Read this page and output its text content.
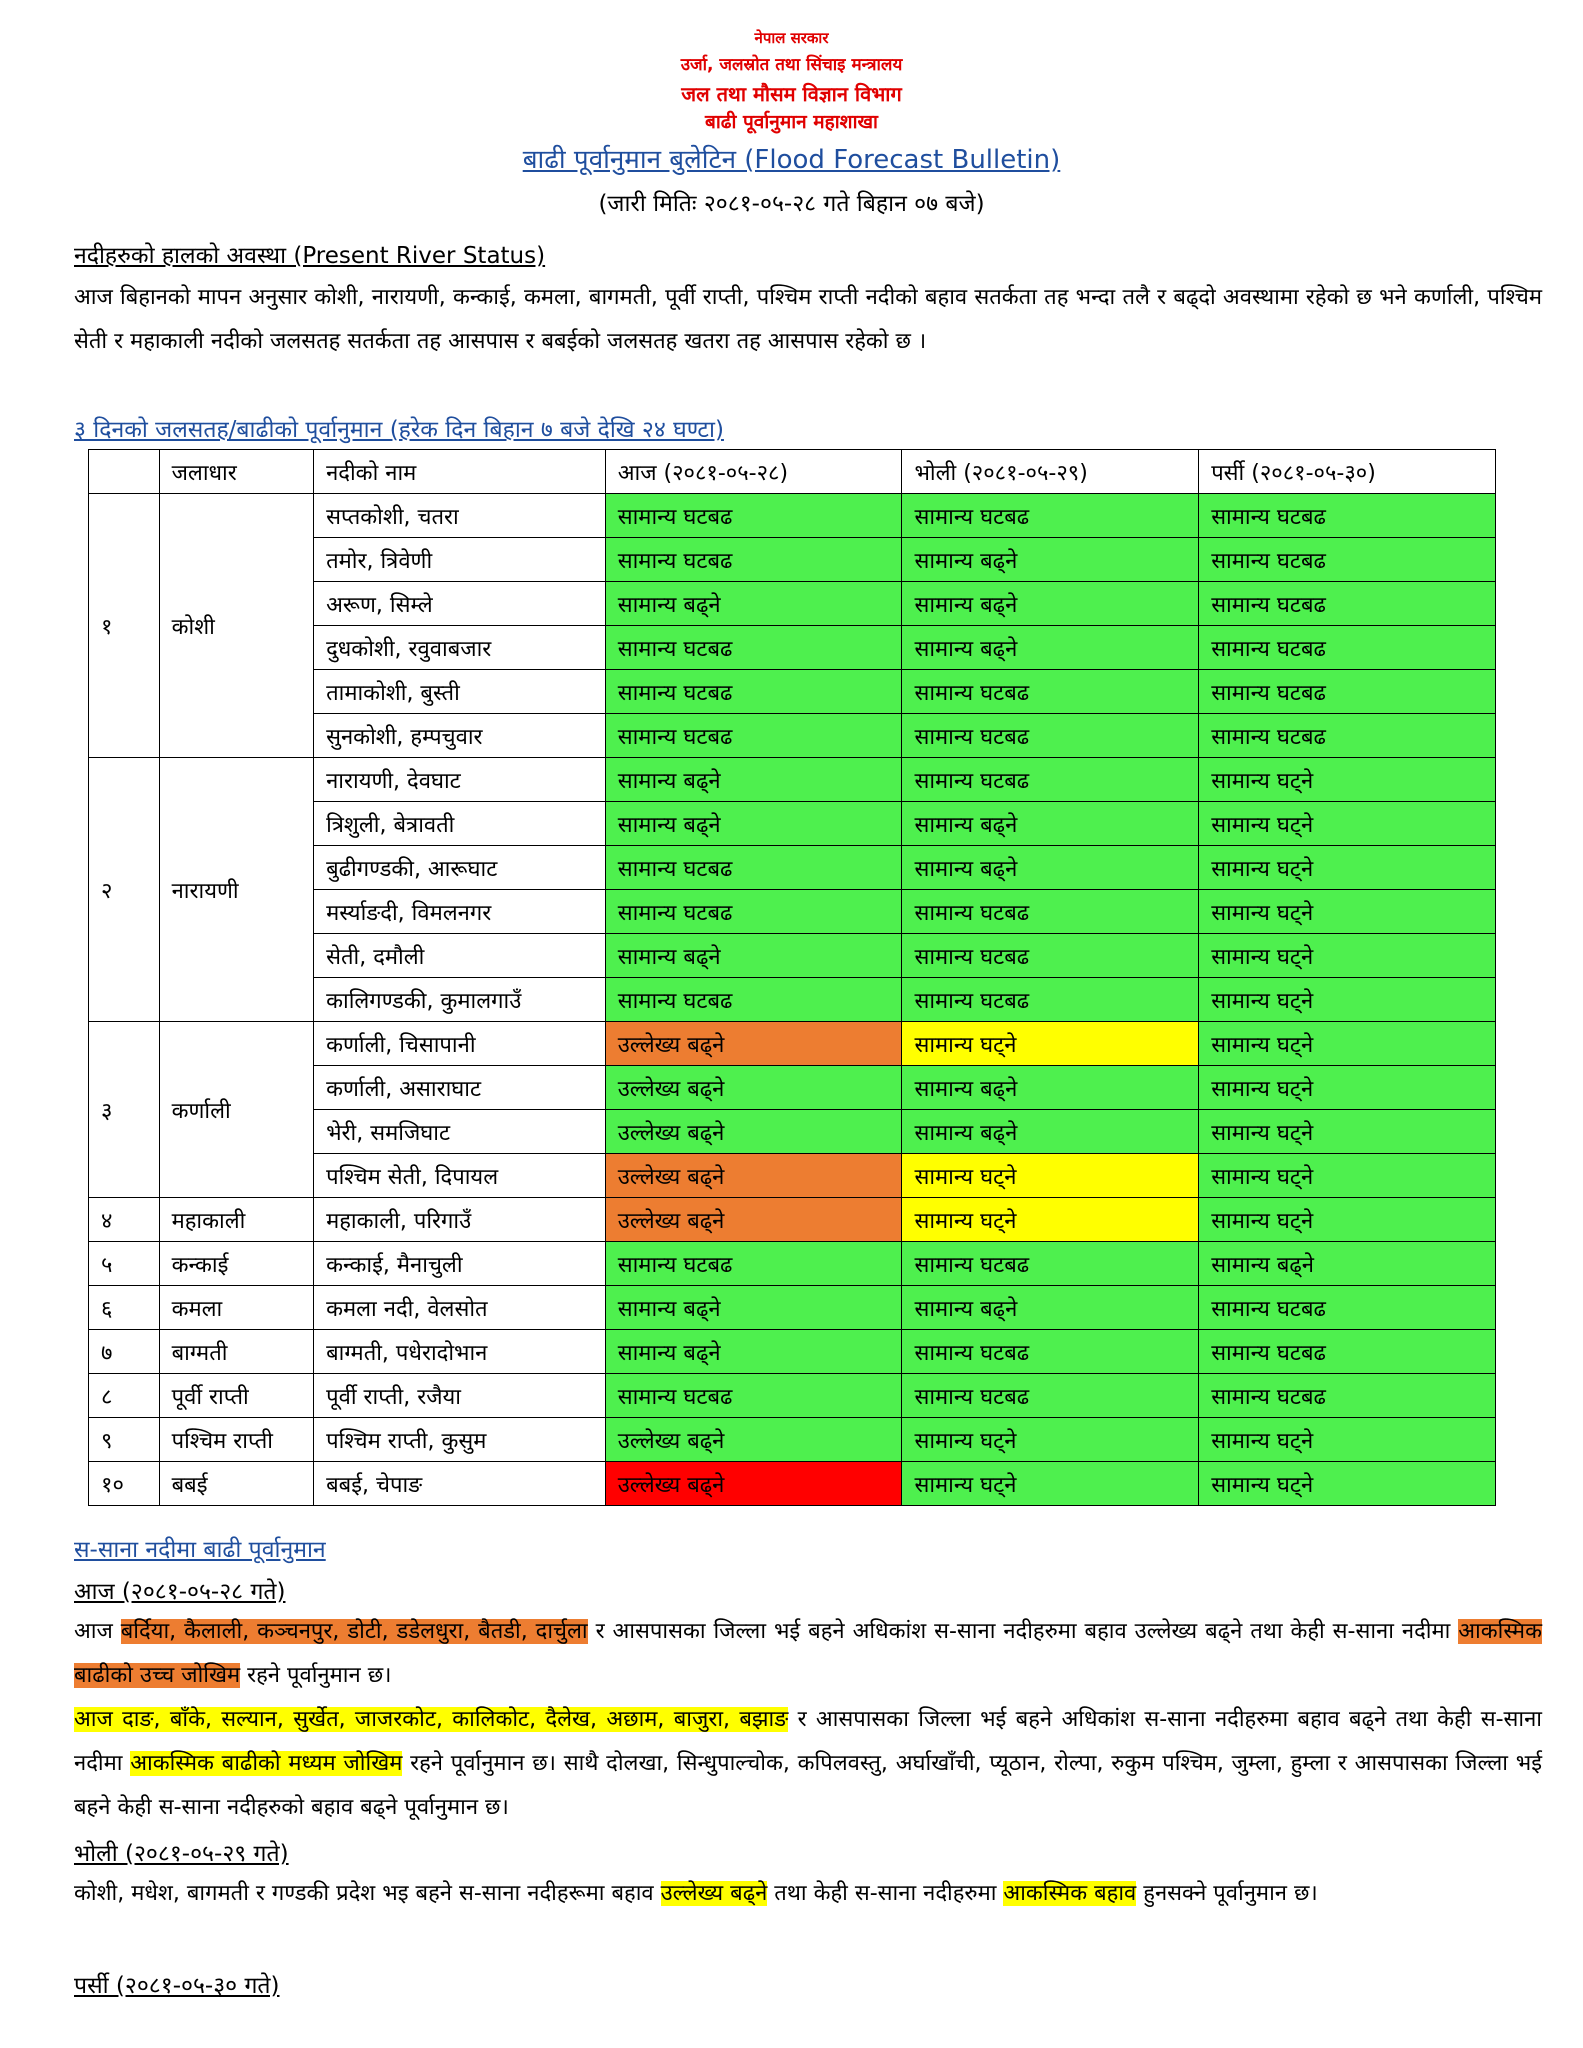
नेपाल सरकार
उर्जा, जलस्रोत तथा सिंचाइ मन्त्रालय
जल तथा मौसम विज्ञान विभाग
बाढी पूर्वानुमान महाशाखा
बाढी पूर्वानुमान बुलेटिन (Flood Forecast Bulletin)
(जारी मितिः २०८१-०५-२८ गते बिहान ०७ बजे)
नदीहरुको हालको अवस्था (Present River Status)
आज बिहानको मापन अनुसार कोशी, नारायणी, कन्काई, कमला, बागमती, पूर्वी राप्ती, पश्चिम राप्ती नदीको बहाव सतर्कता तह भन्दा तलै र बढ्दो अवस्थामा रहेको छ भने कर्णाली, पश्चिम सेती र महाकाली नदीको जलसतह सतर्कता तह आसपास र बबईको जलसतह खतरा तह आसपास रहेको छ ।
३ दिनको जलसतह/बाढीको पूर्वानुमान (हरेक दिन बिहान ७ बजे देखि २४ घण्टा)
	जलाधार	नदीको नाम	आज (२०८१-०५-२८)	भोली (२०८१-०५-२९)	पर्सी (२०८१-०५-३०)
१	कोशी	सप्तकोशी, चतरा	सामान्य घटबढ	सामान्य घटबढ	सामान्य घटबढ
		तमोर, त्रिवेणी	सामान्य घटबढ	सामान्य बढ्ने	सामान्य घटबढ
		अरूण, सिम्ले	सामान्य बढ्ने	सामान्य बढ्ने	सामान्य घटबढ
		दुधकोशी, रवुवाबजार	सामान्य घटबढ	सामान्य बढ्ने	सामान्य घटबढ
		तामाकोशी, बुस्ती	सामान्य घटबढ	सामान्य घटबढ	सामान्य घटबढ
		सुनकोशी, हम्पचुवार	सामान्य घटबढ	सामान्य घटबढ	सामान्य घटबढ
२	नारायणी	नारायणी, देवघाट	सामान्य बढ्ने	सामान्य घटबढ	सामान्य घट्ने
		त्रिशुली, बेत्रावती	सामान्य बढ्ने	सामान्य बढ्ने	सामान्य घट्ने
		बुढीगण्डकी, आरूघाट	सामान्य घटबढ	सामान्य बढ्ने	सामान्य घट्ने
		मर्स्याङदी, विमलनगर	सामान्य घटबढ	सामान्य घटबढ	सामान्य घट्ने
		सेती, दमौली	सामान्य बढ्ने	सामान्य घटबढ	सामान्य घट्ने
		कालिगण्डकी, कुमालगाउँ	सामान्य घटबढ	सामान्य घटबढ	सामान्य घट्ने
३	कर्णाली	कर्णाली, चिसापानी	उल्लेख्य बढ्ने	सामान्य घट्ने	सामान्य घट्ने
		कर्णाली, असाराघाट	उल्लेख्य बढ्ने	सामान्य बढ्ने	सामान्य घट्ने
		भेरी, समजिघाट	उल्लेख्य बढ्ने	सामान्य बढ्ने	सामान्य घट्ने
		पश्चिम सेती, दिपायल	उल्लेख्य बढ्ने	सामान्य घट्ने	सामान्य घट्ने
४	महाकाली	महाकाली, परिगाउँ	उल्लेख्य बढ्ने	सामान्य घट्ने	सामान्य घट्ने
५	कन्काई	कन्काई, मैनाचुली	सामान्य घटबढ	सामान्य घटबढ	सामान्य बढ्ने
६	कमला	कमला नदी, वेलसोत	सामान्य बढ्ने	सामान्य बढ्ने	सामान्य घटबढ
७	बाग्मती	बाग्मती, पधेरादोभान	सामान्य बढ्ने	सामान्य घटबढ	सामान्य घटबढ
८	पूर्वी राप्ती	पूर्वी राप्ती, रजैया	सामान्य घटबढ	सामान्य घटबढ	सामान्य घटबढ
९	पश्चिम राप्ती	पश्चिम राप्ती, कुसुम	उल्लेख्य बढ्ने	सामान्य घट्ने	सामान्य घट्ने
१०	बबई	बबई, चेपाङ	उल्लेख्य बढ्ने	सामान्य घट्ने	सामान्य घट्ने
स-साना नदीमा बाढी पूर्वानुमान
आज (२०८१-०५-२८ गते)
आज बर्दिया, कैलाली, कञ्चनपुर, डोटी, डडेलधुरा, बैतडी, दार्चुला र आसपासका जिल्ला भई बहने अधिकांश स-साना नदीहरुमा बहाव उल्लेख्य बढ्ने तथा केही स-साना नदीमा आकस्मिक बाढीको उच्च जोखिम रहने पूर्वानुमान छ।
आज दाङ, बाँके, सल्यान, सुर्खेत, जाजरकोट, कालिकोट, दैलेख, अछाम, बाजुरा, बझाङ र आसपासका जिल्ला भई बहने अधिकांश स-साना नदीहरुमा बहाव बढ्ने तथा केही स-साना नदीमा आकस्मिक बाढीको मध्यम जोखिम रहने पूर्वानुमान छ। साथै दोलखा, सिन्धुपाल्चोक, कपिलवस्तु, अर्घाखाँची, प्यूठान, रोल्पा, रुकुम पश्चिम, जुम्ला, हुम्ला र आसपासका जिल्ला भई बहने केही स-साना नदीहरुको बहाव बढ्ने पूर्वानुमान छ।
भोली (२०८१-०५-२९ गते)
कोशी, मधेश, बागमती र गण्डकी प्रदेश भइ बहने स-साना नदीहरूमा बहाव उल्लेख्य बढ्ने तथा केही स-साना नदीहरुमा आकस्मिक बहाव हुनसक्ने पूर्वानुमान छ।
पर्सी (२०८१-०५-३० गते)
